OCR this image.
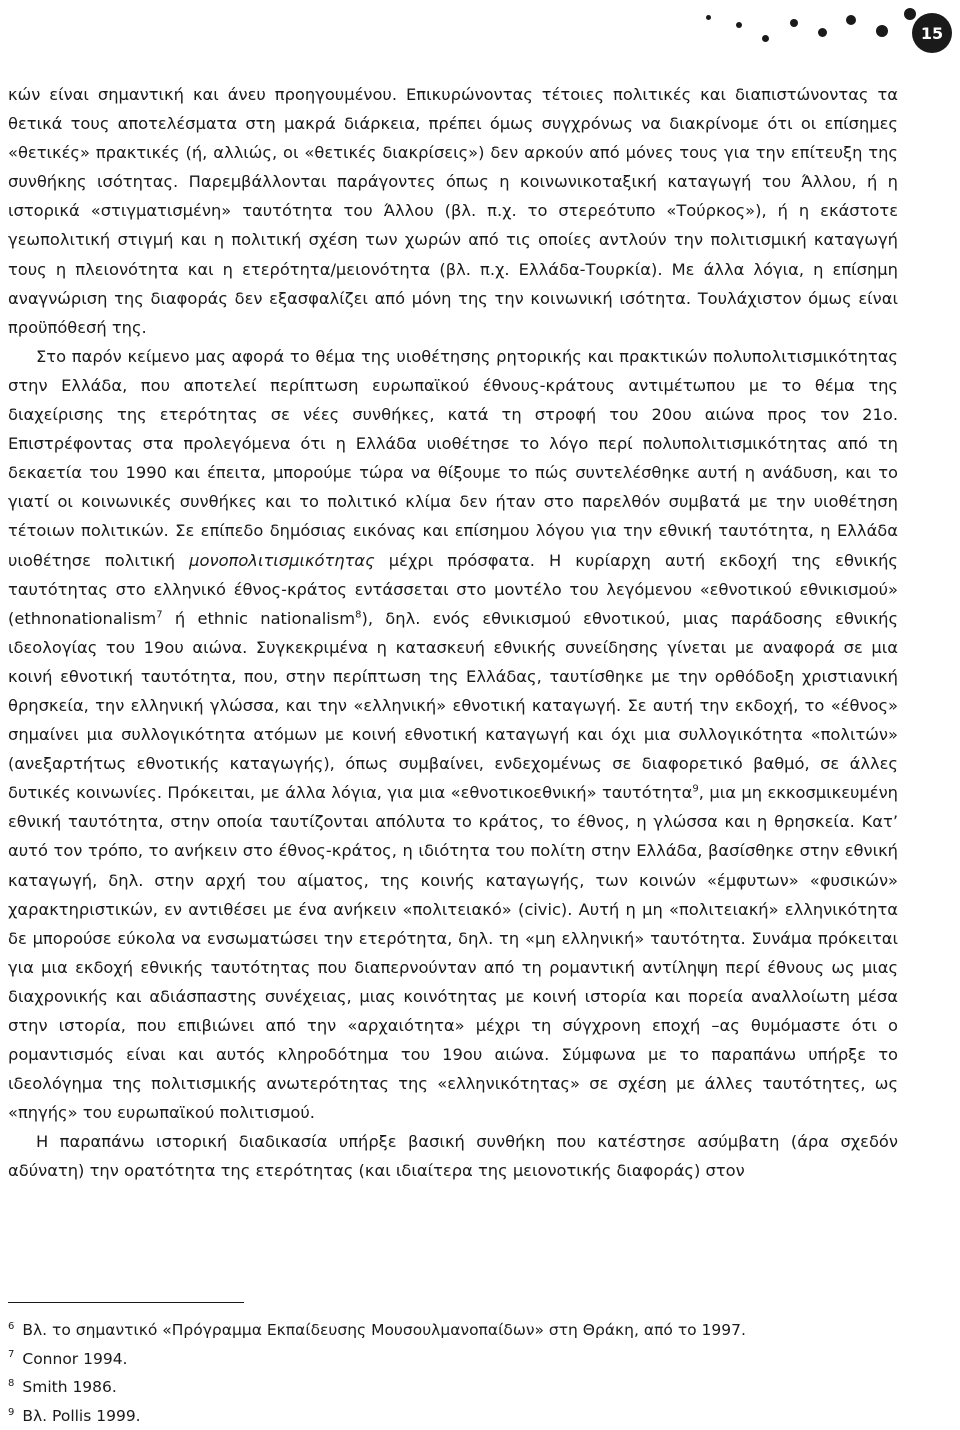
15

κών είναι σημαντική και άνευ προηγουμένου. Επικυρώνοντας τέτοιες πολιτικές και διαπιστώνοντας τα θετικά τους αποτελέσματα στη μακρά διάρκεια, πρέπει όμως συγχρόνως να διακρίνομε ότι οι επίσημες «θετικές» πρακτικές (ή, αλλιώς, οι «θετικές διακρίσεις») δεν αρκούν από μόνες τους για την επίτευξη της συνθήκης ισότητας. Παρεμβάλλονται παράγοντες όπως η κοινωνικοταξική καταγωγή του Άλλου, ή η ιστορικά «στιγματισμένη» ταυτότητα του Άλλου (βλ. π.χ. το στερεότυπο «Τούρκος»), ή η εκάστοτε γεωπολιτική στιγμή και η πολιτική σχέση των χωρών από τις οποίες αντλούν την πολιτισμική καταγωγή τους η πλειονότητα και η ετερότητα/μειονότητα (βλ. π.χ. Ελλάδα-Τουρκία). Με άλλα λόγια, η επίσημη αναγνώριση της διαφοράς δεν εξασφαλίζει από μόνη της την κοινωνική ισότητα. Τουλάχιστον όμως είναι προϋπόθεσή της.

Στο παρόν κείμενο μας αφορά το θέμα της υιοθέτησης ρητορικής και πρακτικών πολυπολιτισμικότητας στην Ελλάδα, που αποτελεί περίπτωση ευρωπαϊκού έθνους-κράτους αντιμέτωπου με το θέμα της διαχείρισης της ετερότητας σε νέες συνθήκες, κατά τη στροφή του 20ου αιώνα προς τον 21ο. Επιστρέφοντας στα προλεγόμενα ότι η Ελλάδα υιοθέτησε το λόγο περί πολυπολιτισμικότητας από τη δεκαετία του 1990 και έπειτα, μπορούμε τώρα να θίξουμε το πώς συντελέσθηκε αυτή η ανάδυση, και το γιατί οι κοινωνικές συνθήκες και το πολιτικό κλίμα δεν ήταν στο παρελθόν συμβατά με την υιοθέτηση τέτοιων πολιτικών. Σε επίπεδο δημόσιας εικόνας και επίσημου λόγου για την εθνική ταυτότητα, η Ελλάδα υιοθέτησε πολιτική μονοπολιτισμικότητας μέχρι πρόσφατα. Η κυρίαρχη αυτή εκδοχή της εθνικής ταυτότητας στο ελληνικό έθνος-κράτος εντάσσεται στο μοντέλο του λεγόμενου «εθνοτικού εθνικισμού» (ethnonationalism$^7$ ή ethnic nationalism$^8$), δηλ. ενός εθνικισμού εθνοτικού, μιας παράδοσης εθνικής ιδεολογίας του 19ου αιώνα. Συγκεκριμένα η κατασκευή εθνικής συνείδησης γίνεται με αναφορά σε μια κοινή εθνοτική ταυτότητα, που, στην περίπτωση της Ελλάδας, ταυτίσθηκε με την ορθόδοξη χριστιανική θρησκεία, την ελληνική γλώσσα, και την «ελληνική» εθνοτική καταγωγή. Σε αυτή την εκδοχή, το «έθνος» σημαίνει μια συλλογικότητα ατόμων με κοινή εθνοτική καταγωγή και όχι μια συλλογικότητα «πολιτών» (ανεξαρτήτως εθνοτικής καταγωγής), όπως συμβαίνει, ενδεχομένως σε διαφορετικό βαθμό, σε άλλες δυτικές κοινωνίες. Πρόκειται, με άλλα λόγια, για μια «εθνοτικοεθνική» ταυτότητα$^9$, μια μη εκκοσμικευμένη εθνική ταυτότητα, στην οποία ταυτίζονται απόλυτα το κράτος, το έθνος, η γλώσσα και η θρησκεία. Κατ’ αυτό τον τρόπο, το ανήκειν στο έθνος-κράτος, η ιδιότητα του πολίτη στην Ελλάδα, βασίσθηκε στην εθνική καταγωγή, δηλ. στην αρχή του αίματος, της κοινής καταγωγής, των κοινών «έμφυτων» «φυσικών» χαρακτηριστικών, εν αντιθέσει με ένα ανήκειν «πολιτειακό» (civic). Αυτή η μη «πολιτειακή» ελληνικότητα δε μπορούσε εύκολα να ενσωματώσει την ετερότητα, δηλ. τη «μη ελληνική» ταυτότητα. Συνάμα πρόκειται για μια εκδοχή εθνικής ταυτότητας που διαπερνούνταν από τη ρομαντική αντίληψη περί έθνους ως μιας διαχρονικής και αδιάσπαστης συνέχειας, μιας κοινότητας με κοινή ιστορία και πορεία αναλλοίωτη μέσα στην ιστορία, που επιβιώνει από την «αρχαιότητα» μέχρι τη σύγχρονη εποχή –ας θυμόμαστε ότι ο ρομαντισμός είναι και αυτός κληροδότημα του 19ου αιώνα. Σύμφωνα με το παραπάνω υπήρξε το ιδεολόγημα της πολιτισμικής ανωτερότητας της «ελληνικότητας» σε σχέση με άλλες ταυτότητες, ως «πηγής» του ευρωπαϊκού πολιτισμού.

Η παραπάνω ιστορική διαδικασία υπήρξε βασική συνθήκη που κατέστησε ασύμβατη (άρα σχεδόν αδύνατη) την ορατότητα της ετερότητας (και ιδιαίτερα της μειονοτικής διαφοράς) στον

$^6$ Βλ. το σημαντικό «Πρόγραμμα Εκπαίδευσης Μουσουλμανοπαίδων» στη Θράκη, από το 1997.
$^7$ Connor 1994.
$^8$ Smith 1986.
$^9$ Βλ. Pollis 1999.
